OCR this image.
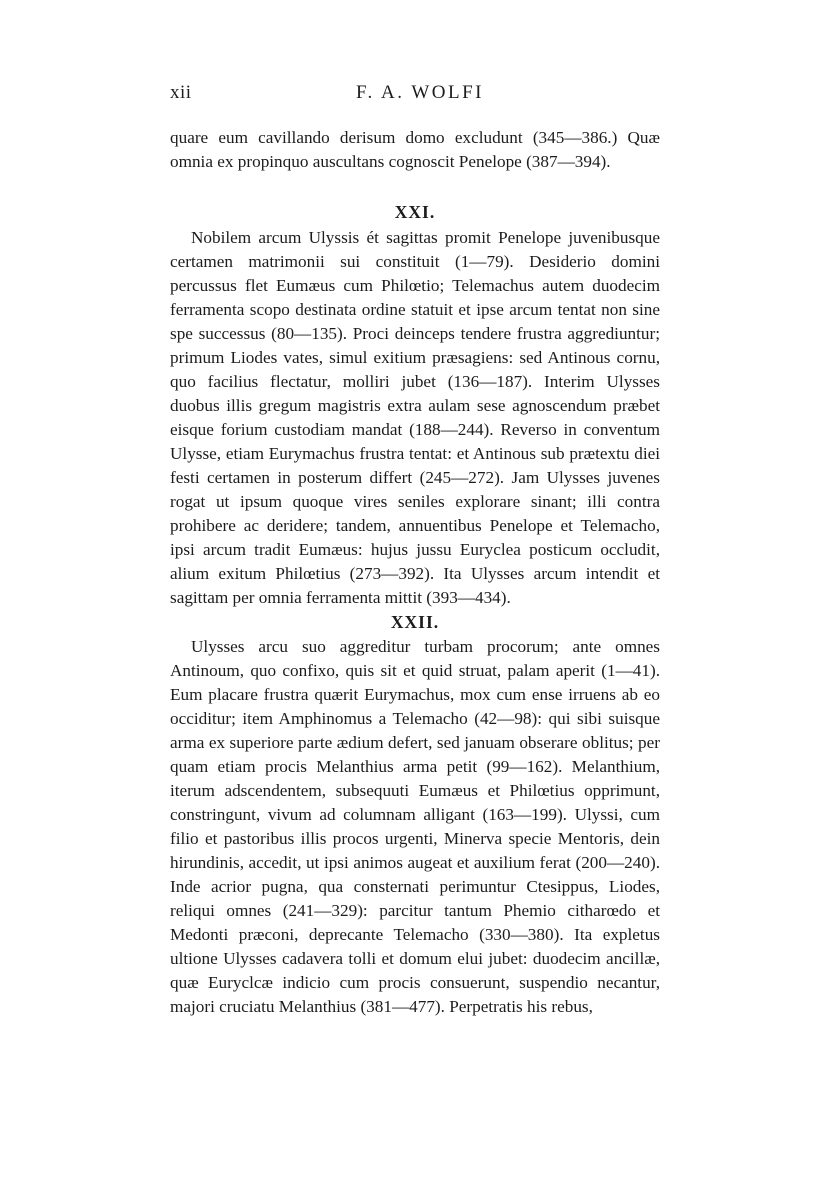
xii	F. A. WOLFI

quare eum cavillando derisum domo excludunt (345—386.) Quæ omnia ex propinquo auscultans cognoscit Penelope (387—394).

XXI.

Nobilem arcum Ulyssis ét sagittas promit Penelope juvenibusque certamen matrimonii sui constituit (1—79). Desiderio domini percussus flet Eumæus cum Philœtio; Telemachus autem duodecim ferramenta scopo destinata ordine statuit et ipse arcum tentat non sine spe successus (80—135). Proci deinceps tendere frustra aggrediuntur; primum Liodes vates, simul exitium præsagiens: sed Antinous cornu, quo facilius flectatur, molliri jubet (136—187). Interim Ulysses duobus illis gregum magistris extra aulam sese agnoscendum præbet eisque forium custodiam mandat (188—244). Reverso in conventum Ulysse, etiam Eurymachus frustra tentat: et Antinous sub prætextu diei festi certamen in posterum differt (245—272). Jam Ulysses juvenes rogat ut ipsum quoque vires seniles explorare sinant; illi contra prohibere ac deridere; tandem, annuentibus Penelope et Telemacho, ipsi arcum tradit Eumæus: hujus jussu Euryclea posticum occludit, alium exitum Philœtius (273—392). Ita Ulysses arcum intendit et sagittam per omnia ferramenta mittit (393—434).

XXII.

Ulysses arcu suo aggreditur turbam procorum; ante omnes Antinoum, quo confixo, quis sit et quid struat, palam aperit (1—41). Eum placare frustra quærit Eurymachus, mox cum ense irruens ab eo occiditur; item Amphinomus a Telemacho (42—98): qui sibi suisque arma ex superiore parte ædium defert, sed januam obserare oblitus; per quam etiam procis Melanthius arma petit (99—162). Melanthium, iterum adscendentem, subsequuti Eumæus et Philœtius opprimunt, constringunt, vivum ad columnam alligant (163—199). Ulyssi, cum filio et pastoribus illis procos urgenti, Minerva specie Mentoris, dein hirundinis, accedit, ut ipsi animos augeat et auxilium ferat (200—240). Inde acrior pugna, qua consternati perimuntur Ctesippus, Liodes, reliqui omnes (241—329): parcitur tantum Phemio citharœdo et Medonti præconi, deprecante Telemacho (330—380). Ita expletus ultione Ulysses cadavera tolli et domum elui jubet: duodecim ancillæ, quæ Euryclcæ indicio cum procis consuerunt, suspendio necantur, majori cruciatu Melanthius (381—477). Perpetratis his rebus,
